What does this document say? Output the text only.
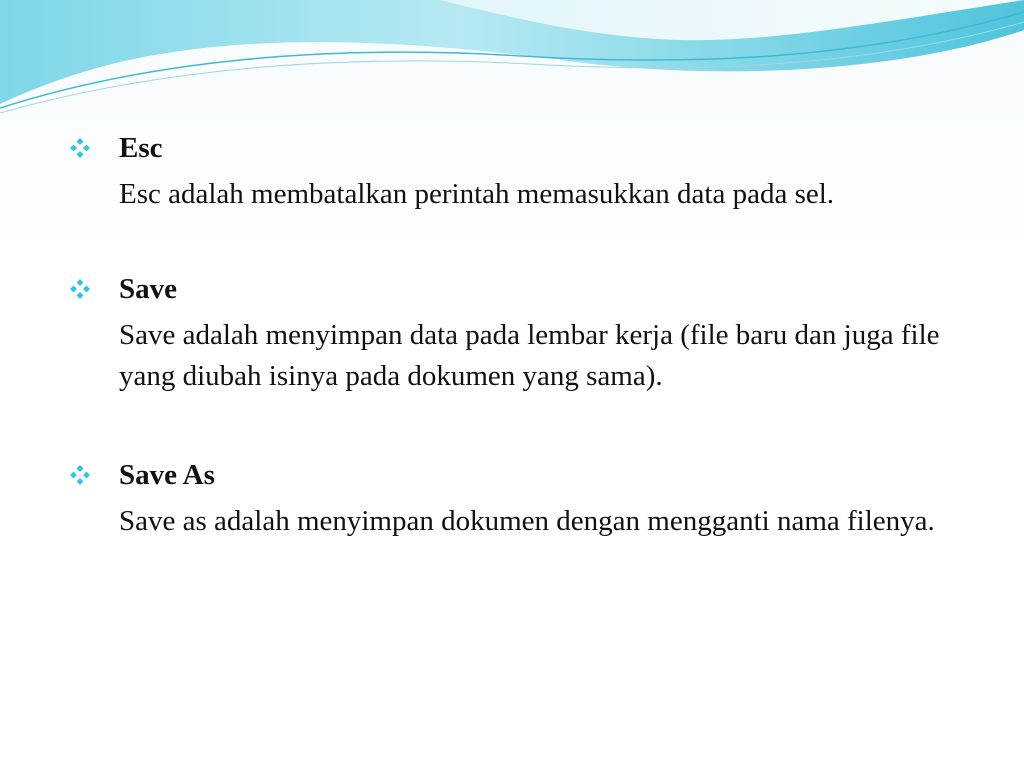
Esc
Esc adalah membatalkan perintah memasukkan data pada sel.
Save
Save adalah menyimpan data pada lembar kerja (file baru dan juga file yang diubah isinya pada dokumen yang sama).
Save As
Save as adalah menyimpan dokumen dengan mengganti nama filenya.
